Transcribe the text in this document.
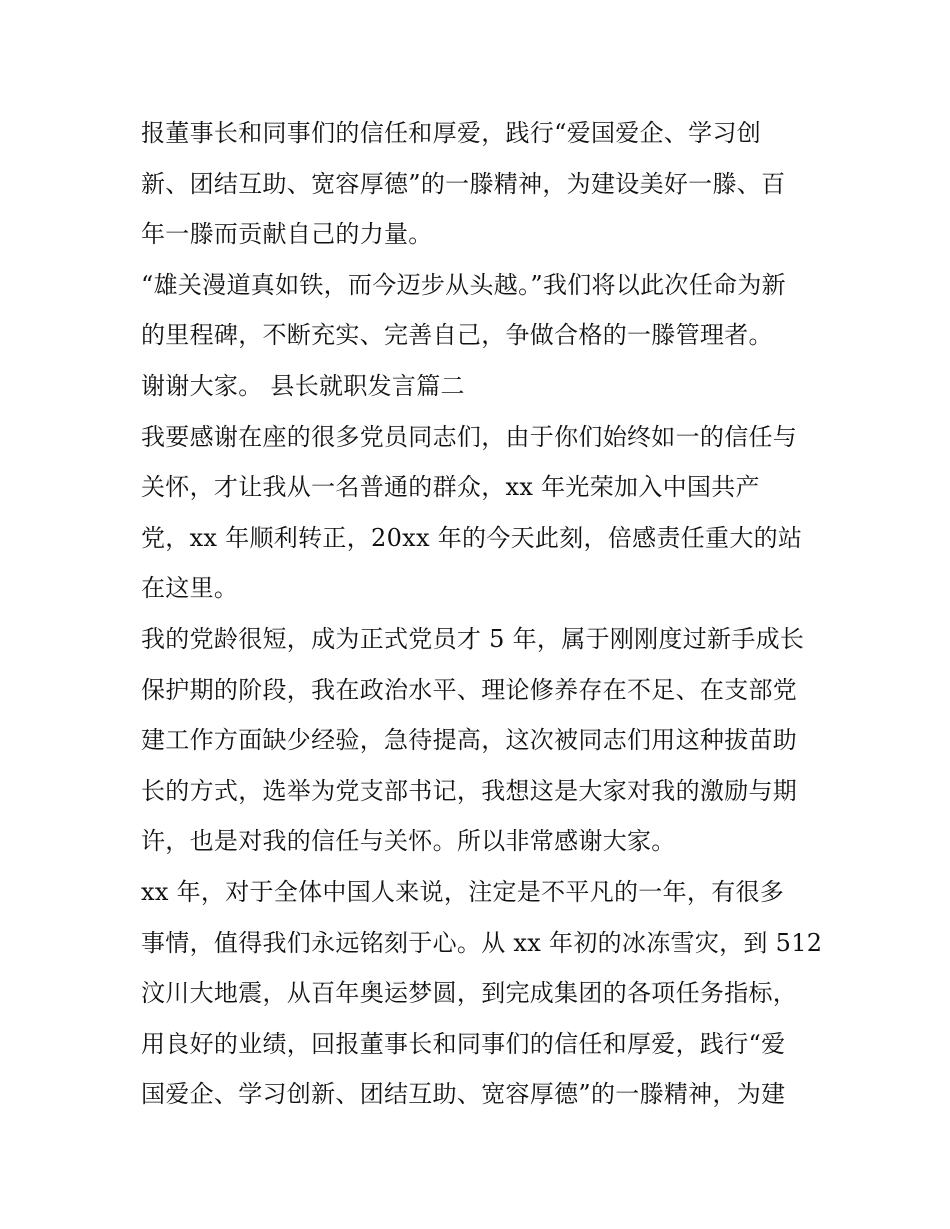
报董事长和同事们的信任和厚爱，践行“爱国爱企、学习创
新、团结互助、宽容厚德”的一滕精神，为建设美好一滕、百
年一滕而贡献自己的力量。
“雄关漫道真如铁，而今迈步从头越。”我们将以此次任命为新
的里程碑，不断充实、完善自己，争做合格的一滕管理者。
谢谢大家。 县长就职发言篇二
我要感谢在座的很多党员同志们，由于你们始终如一的信任与
关怀，才让我从一名普通的群众，xx 年光荣加入中国共产
党，xx 年顺利转正，20xx 年的今天此刻，倍感责任重大的站
在这里。
我的党龄很短，成为正式党员才 5 年，属于刚刚度过新手成长
保护期的阶段，我在政治水平、理论修养存在不足、在支部党
建工作方面缺少经验，急待提高，这次被同志们用这种拔苗助
长的方式，选举为党支部书记，我想这是大家对我的激励与期
许，也是对我的信任与关怀。所以非常感谢大家。
xx 年，对于全体中国人来说，注定是不平凡的一年，有很多
事情，值得我们永远铭刻于心。从 xx 年初的冰冻雪灾，到 512
汶川大地震，从百年奥运梦圆，到完成集团的各项任务指标，
用良好的业绩，回报董事长和同事们的信任和厚爱，践行“爱
国爱企、学习创新、团结互助、宽容厚德”的一滕精神，为建
